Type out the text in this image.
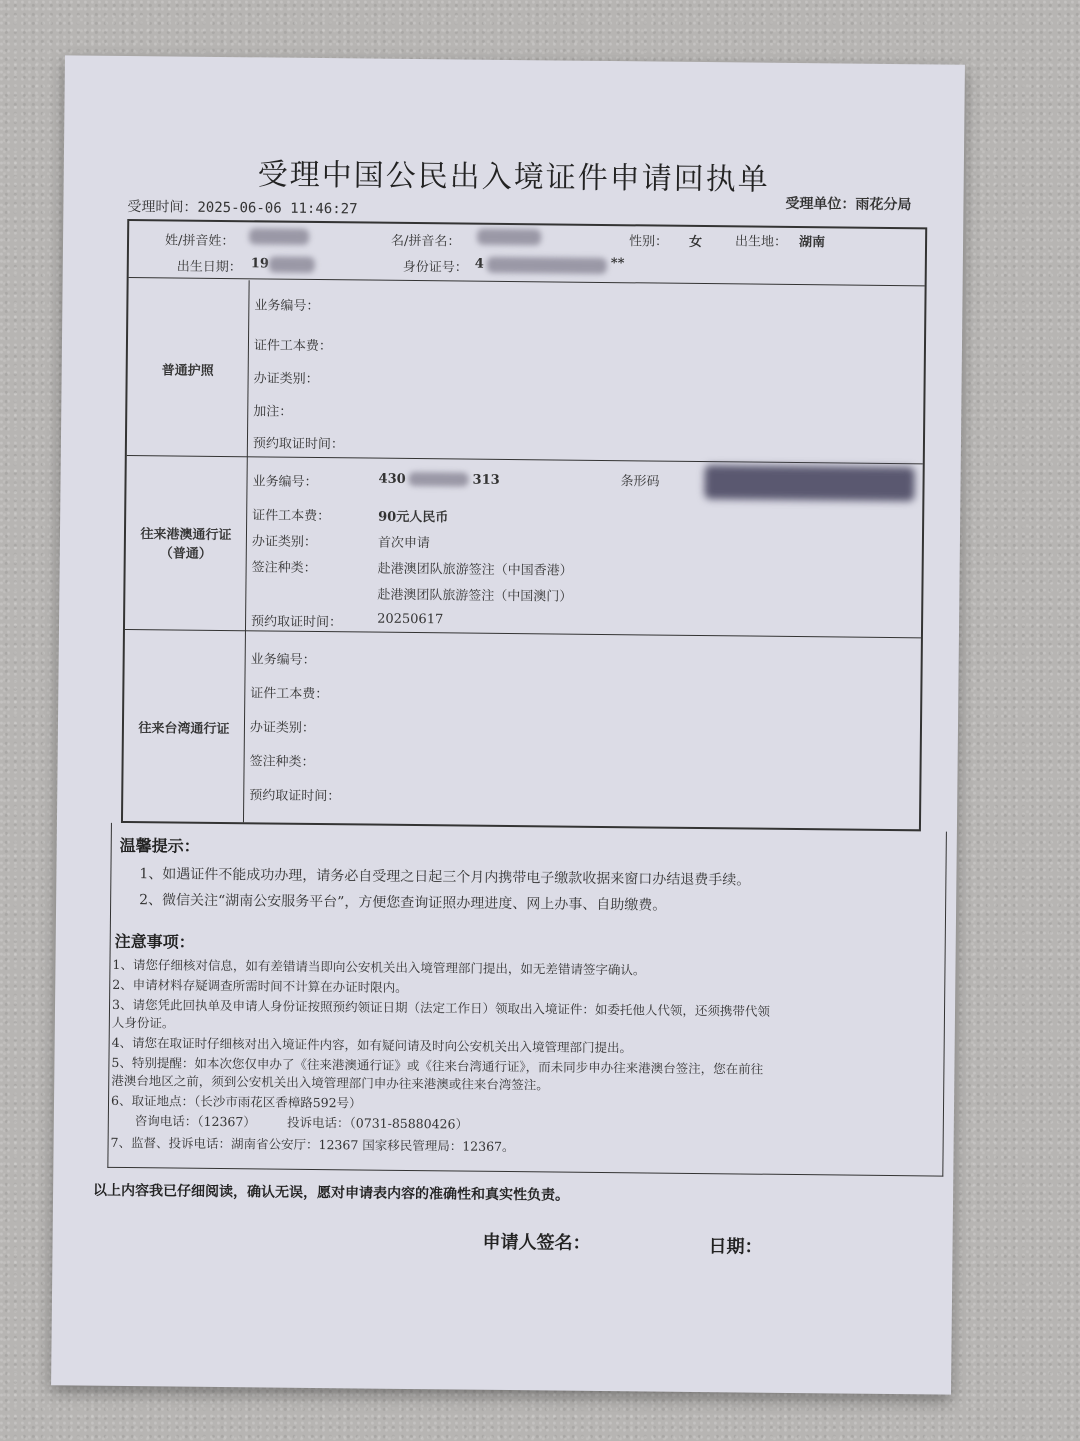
受理中国公民出入境证件申请回执单
受理时间：2025-06-06 11:46:27	受理单位：雨花分局
姓/拼音姓：	名/拼音名：	性别： 女	出生地： 湖南
出生日期： 19	身份证号： 4	**
普通护照
业务编号：
证件工本费：
办证类别：
加注：
预约取证时间：
往来港澳通行证
（普通）
业务编号：	430	313	条形码
证件工本费：	90元人民币
办证类别：	首次申请
签注种类：	赴港澳团队旅游签注（中国香港）
赴港澳团队旅游签注（中国澳门）
预约取证时间：	20250617
往来台湾通行证
业务编号：
证件工本费：
办证类别：
签注种类：
预约取证时间：
温馨提示：
1、如遇证件不能成功办理，请务必自受理之日起三个月内携带电子缴款收据来窗口办结退费手续。
2、微信关注“湖南公安服务平台”，方便您查询证照办理进度、网上办事、自助缴费。
注意事项：
1、请您仔细核对信息，如有差错请当即向公安机关出入境管理部门提出，如无差错请签字确认。
2、申请材料存疑调查所需时间不计算在办证时限内。
3、请您凭此回执单及申请人身份证按照预约领证日期（法定工作日）领取出入境证件：如委托他人代领，还须携带代领
人身份证。
4、请您在取证时仔细核对出入境证件内容，如有疑问请及时向公安机关出入境管理部门提出。
5、特别提醒：如本次您仅申办了《往来港澳通行证》或《往来台湾通行证》，而未同步申办往来港澳台签注，您在前往
港澳台地区之前，须到公安机关出入境管理部门申办往来港澳或往来台湾签注。
6、取证地点：（长沙市雨花区香樟路592号）
咨询电话：（12367）　　　投诉电话：（0731-85880426）
7、监督、投诉电话：湖南省公安厅：12367 国家移民管理局：12367。
以上内容我已仔细阅读，确认无误，愿对申请表内容的准确性和真实性负责。
申请人签名：	日期：
